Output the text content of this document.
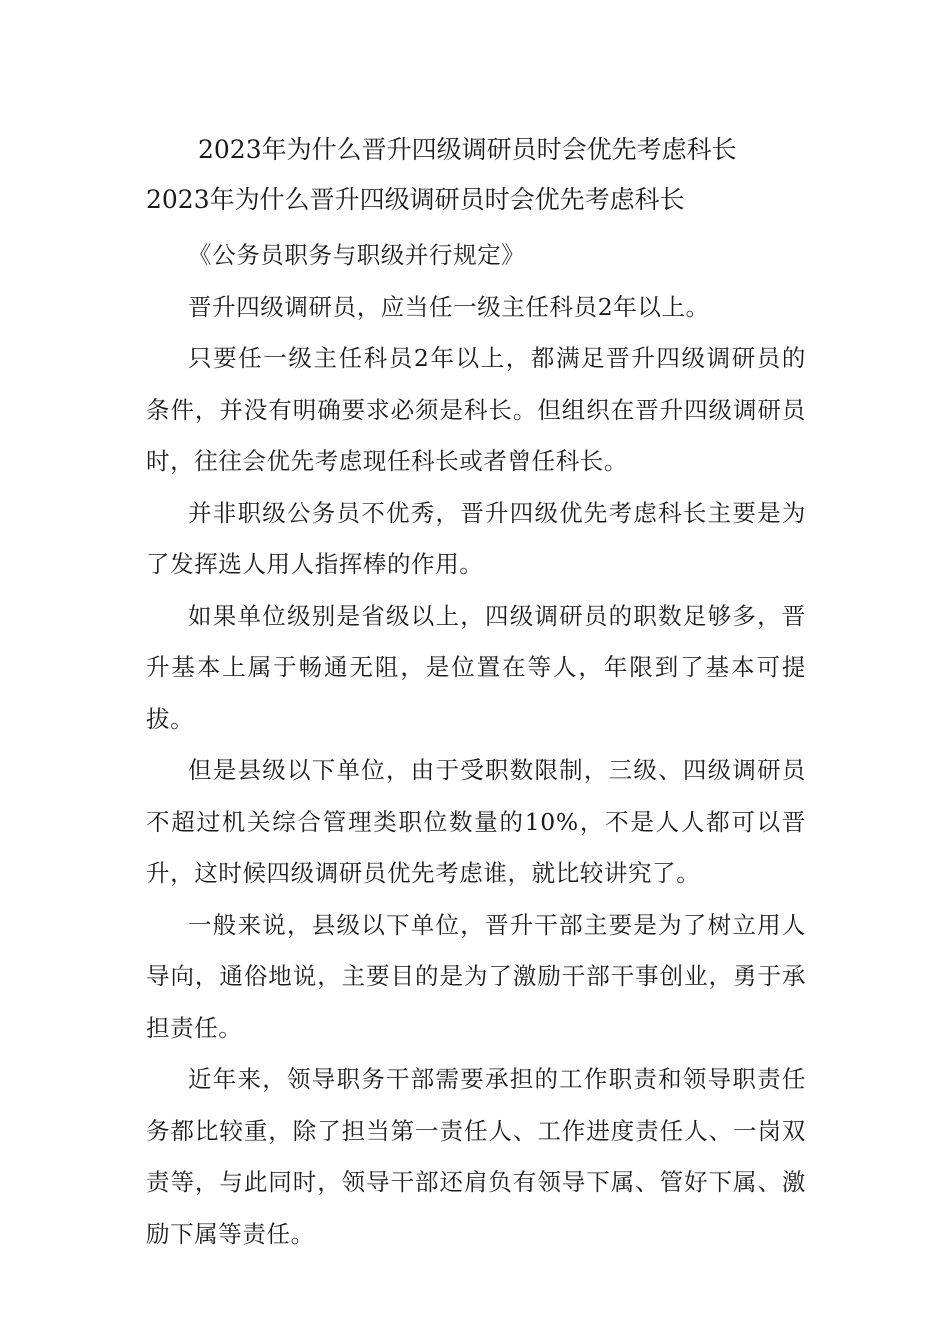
2023年为什么晋升四级调研员时会优先考虑科长
2023年为什么晋升四级调研员时会优先考虑科长

《公务员职务与职级并行规定》

晋升四级调研员，应当任一级主任科员2年以上。

只要任一级主任科员2年以上，都满足晋升四级调研员的条件，并没有明确要求必须是科长。但组织在晋升四级调研员时，往往会优先考虑现任科长或者曾任科长。

并非职级公务员不优秀，晋升四级优先考虑科长主要是为了发挥选人用人指挥棒的作用。

如果单位级别是省级以上，四级调研员的职数足够多，晋升基本上属于畅通无阻，是位置在等人，年限到了基本可提拔。

但是县级以下单位，由于受职数限制，三级、四级调研员不超过机关综合管理类职位数量的10%，不是人人都可以晋升，这时候四级调研员优先考虑谁，就比较讲究了。

一般来说，县级以下单位，晋升干部主要是为了树立用人导向，通俗地说，主要目的是为了激励干部干事创业，勇于承担责任。

近年来，领导职务干部需要承担的工作职责和领导职责任务都比较重，除了担当第一责任人、工作进度责任人、一岗双责等，与此同时，领导干部还肩负有领导下属、管好下属、激励下属等责任。
